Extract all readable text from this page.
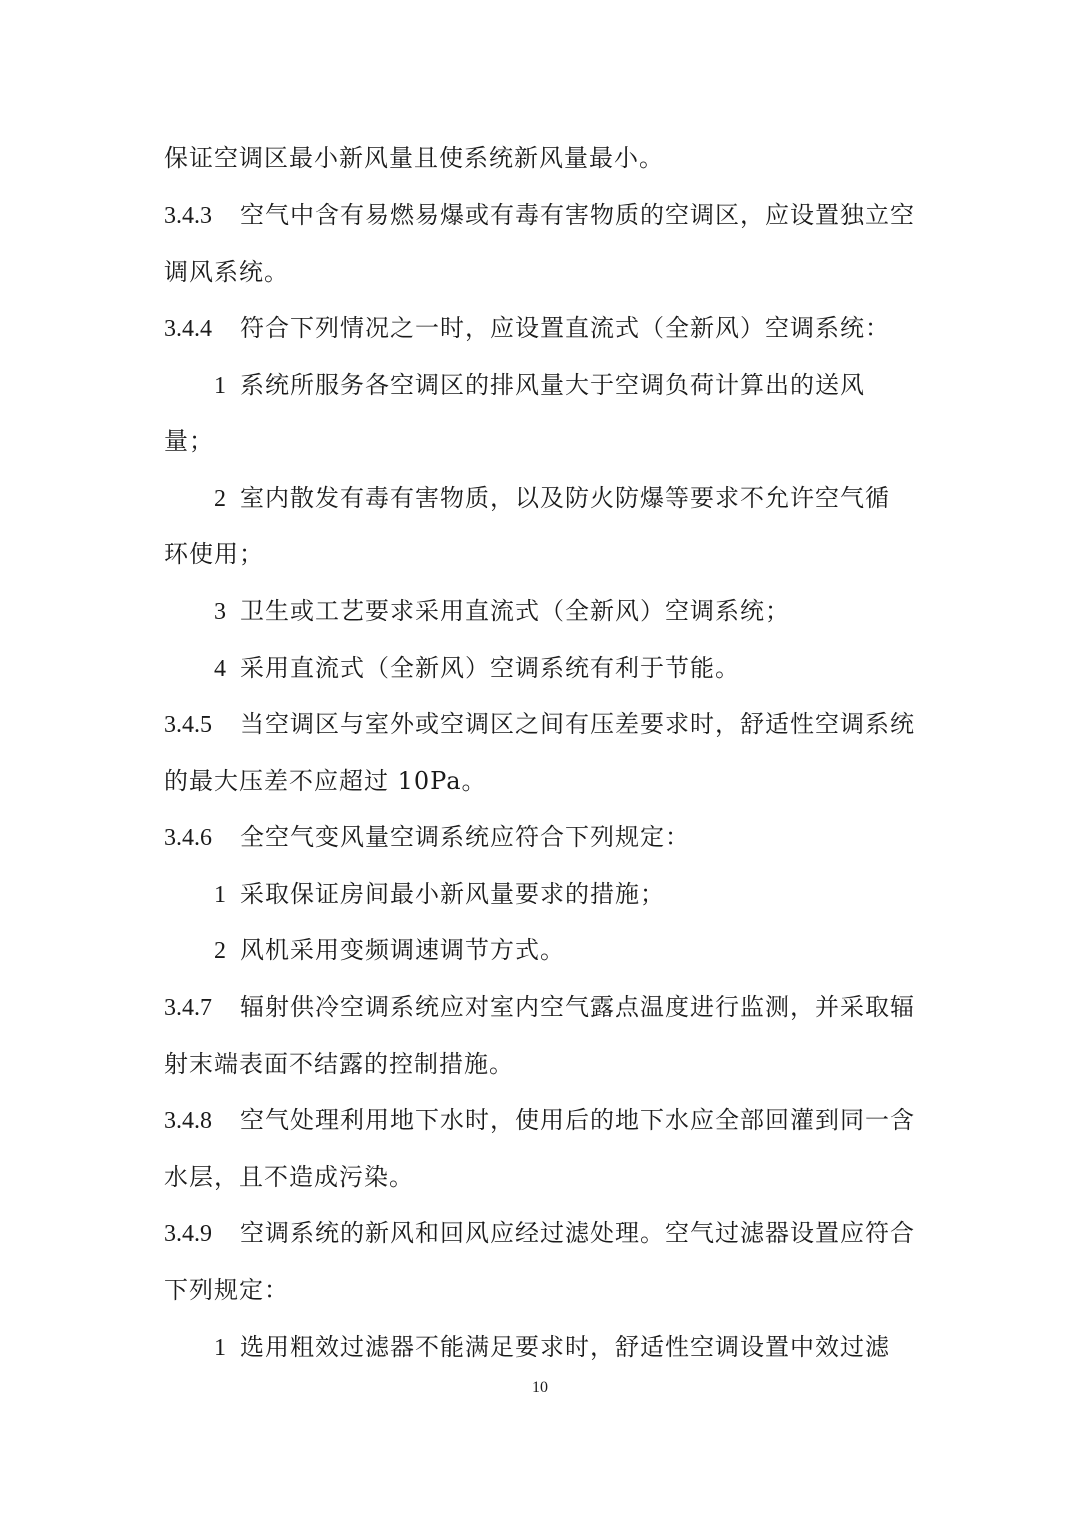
保证空调区最小新风量且使系统新风量最小。
3.4.3 空气中含有易燃易爆或有毒有害物质的空调区，应设置独立空
调风系统。
3.4.4 符合下列情况之一时，应设置直流式（全新风）空调系统：
1 系统所服务各空调区的排风量大于空调负荷计算出的送风
量；
2 室内散发有毒有害物质，以及防火防爆等要求不允许空气循
环使用；
3 卫生或工艺要求采用直流式（全新风）空调系统；
4 采用直流式（全新风）空调系统有利于节能。
3.4.5 当空调区与室外或空调区之间有压差要求时，舒适性空调系统
的最大压差不应超过 10Pa。
3.4.6 全空气变风量空调系统应符合下列规定：
1 采取保证房间最小新风量要求的措施；
2 风机采用变频调速调节方式。
3.4.7 辐射供冷空调系统应对室内空气露点温度进行监测，并采取辐
射末端表面不结露的控制措施。
3.4.8 空气处理利用地下水时，使用后的地下水应全部回灌到同一含
水层，且不造成污染。
3.4.9 空调系统的新风和回风应经过滤处理。空气过滤器设置应符合
下列规定：
1 选用粗效过滤器不能满足要求时，舒适性空调设置中效过滤
10
